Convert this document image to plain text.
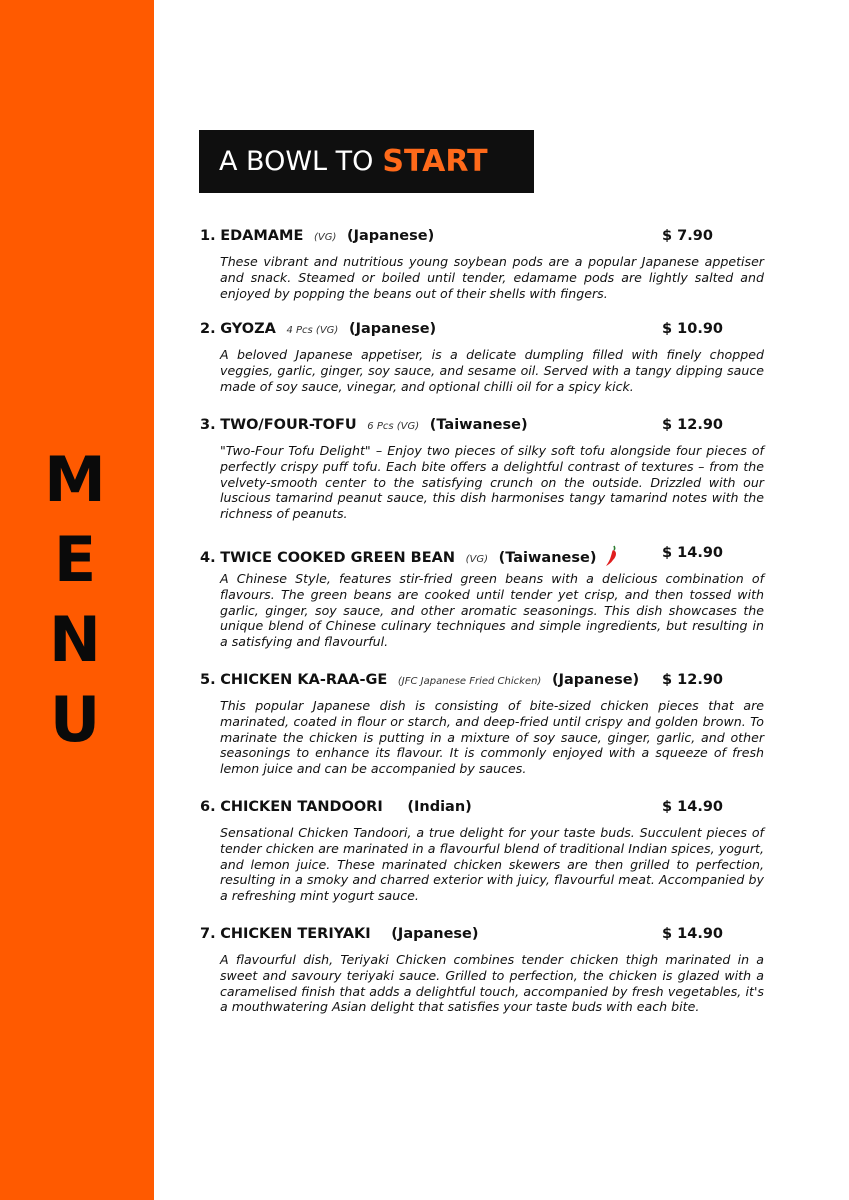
M
E
N
U
A BOWL TO START
1. EDAMAME (VG) (Japanese)	$ 7.90
These vibrant and nutritious young soybean pods are a popular Japanese appetiser and snack. Steamed or boiled until tender, edamame pods are lightly salted and enjoyed by popping the beans out of their shells with fingers.
2. GYOZA 4 Pcs (VG) (Japanese)	$ 10.90
A beloved Japanese appetiser, is a delicate dumpling filled with finely chopped veggies, garlic, ginger, soy sauce, and sesame oil. Served with a tangy dipping sauce made of soy sauce, vinegar, and optional chilli oil for a spicy kick.
3. TWO/FOUR-TOFU 6 Pcs (VG) (Taiwanese)	$ 12.90
"Two-Four Tofu Delight" – Enjoy two pieces of silky soft tofu alongside four pieces of perfectly crispy puff tofu. Each bite offers a delightful contrast of textures – from the velvety-smooth center to the satisfying crunch on the outside. Drizzled with our luscious tamarind peanut sauce, this dish harmonises tangy tamarind notes with the richness of peanuts.
4. TWICE COOKED GREEN BEAN (VG) (Taiwanese)	$ 14.90
A Chinese Style, features stir-fried green beans with a delicious combination of flavours. The green beans are cooked until tender yet crisp, and then tossed with garlic, ginger, soy sauce, and other aromatic seasonings. This dish showcases the unique blend of Chinese culinary techniques and simple ingredients, but resulting in a satisfying and flavourful.
5. CHICKEN KA-RAA-GE (JFC Japanese Fried Chicken) (Japanese) $ 12.90
This popular Japanese dish is consisting of bite-sized chicken pieces that are marinated, coated in flour or starch, and deep-fried until crispy and golden brown. To marinate the chicken is putting in a mixture of soy sauce, ginger, garlic, and other seasonings to enhance its flavour. It is commonly enjoyed with a squeeze of fresh lemon juice and can be accompanied by sauces.
6. CHICKEN TANDOORI (Indian)	$ 14.90
Sensational Chicken Tandoori, a true delight for your taste buds. Succulent pieces of tender chicken are marinated in a flavourful blend of traditional Indian spices, yogurt, and lemon juice. These marinated chicken skewers are then grilled to perfection, resulting in a smoky and charred exterior with juicy, flavourful meat. Accompanied by a refreshing mint yogurt sauce.
7. CHICKEN TERIYAKI (Japanese)	$ 14.90
A flavourful dish, Teriyaki Chicken combines tender chicken thigh marinated in a sweet and savoury teriyaki sauce. Grilled to perfection, the chicken is glazed with a caramelised finish that adds a delightful touch, accompanied by fresh vegetables, it's a mouthwatering Asian delight that satisfies your taste buds with each bite.
